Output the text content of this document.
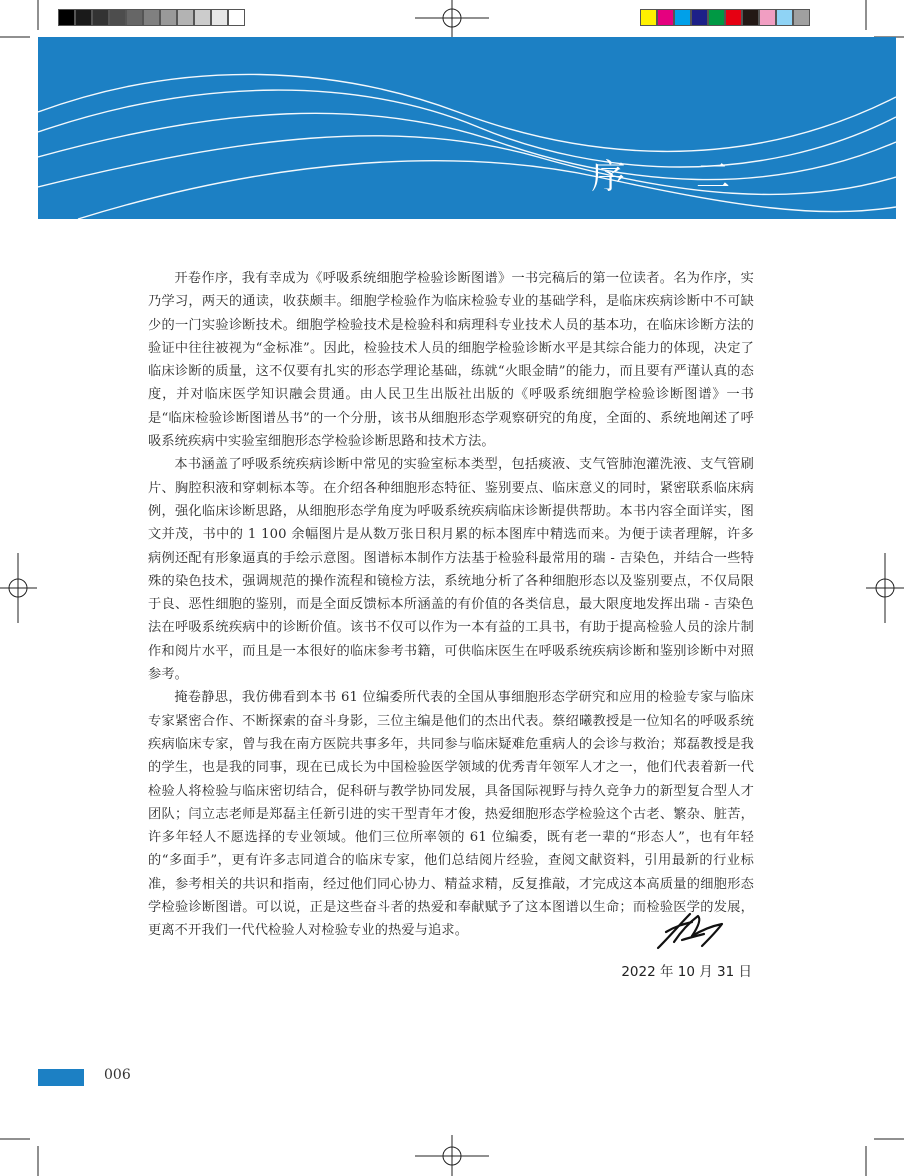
序 二

开卷作序，我有幸成为《呼吸系统细胞学检验诊断图谱》一书完稿后的第一位读者。名为作序，实乃学习，两天的通读，收获颇丰。细胞学检验作为临床检验专业的基础学科，是临床疾病诊断中不可缺少的一门实验诊断技术。细胞学检验技术是检验科和病理科专业技术人员的基本功，在临床诊断方法的验证中往往被视为“金标准”。因此，检验技术人员的细胞学检验诊断水平是其综合能力的体现，决定了临床诊断的质量，这不仅要有扎实的形态学理论基础，练就“火眼金睛”的能力，而且要有严谨认真的态度，并对临床医学知识融会贯通。由人民卫生出版社出版的《呼吸系统细胞学检验诊断图谱》一书是“临床检验诊断图谱丛书”的一个分册，该书从细胞形态学观察研究的角度，全面的、系统地阐述了呼吸系统疾病中实验室细胞形态学检验诊断思路和技术方法。

本书涵盖了呼吸系统疾病诊断中常见的实验室标本类型，包括痰液、支气管肺泡灌洗液、支气管刷片、胸腔积液和穿刺标本等。在介绍各种细胞形态特征、鉴别要点、临床意义的同时，紧密联系临床病例，强化临床诊断思路，从细胞形态学角度为呼吸系统疾病临床诊断提供帮助。本书内容全面详实，图文并茂，书中的 1 100 余幅图片是从数万张日积月累的标本图库中精选而来。为便于读者理解，许多病例还配有形象逼真的手绘示意图。图谱标本制作方法基于检验科最常用的瑞 - 吉染色，并结合一些特殊的染色技术，强调规范的操作流程和镜检方法，系统地分析了各种细胞形态以及鉴别要点，不仅局限于良、恶性细胞的鉴别，而是全面反馈标本所涵盖的有价值的各类信息，最大限度地发挥出瑞 - 吉染色法在呼吸系统疾病中的诊断价值。该书不仅可以作为一本有益的工具书，有助于提高检验人员的涂片制作和阅片水平，而且是一本很好的临床参考书籍，可供临床医生在呼吸系统疾病诊断和鉴别诊断中对照参考。

掩卷静思，我仿佛看到本书 61 位编委所代表的全国从事细胞形态学研究和应用的检验专家与临床专家紧密合作、不断探索的奋斗身影，三位主编是他们的杰出代表。蔡绍曦教授是一位知名的呼吸系统疾病临床专家，曾与我在南方医院共事多年，共同参与临床疑难危重病人的会诊与救治；郑磊教授是我的学生，也是我的同事，现在已成长为中国检验医学领域的优秀青年领军人才之一，他们代表着新一代检验人将检验与临床密切结合，促科研与教学协同发展，具备国际视野与持久竞争力的新型复合型人才团队；闫立志老师是郑磊主任新引进的实干型青年才俊，热爱细胞形态学检验这个古老、繁杂、脏苦，许多年轻人不愿选择的专业领域。他们三位所率领的 61 位编委，既有老一辈的“形态人”，也有年轻的“多面手”，更有许多志同道合的临床专家，他们总结阅片经验，查阅文献资料，引用最新的行业标准，参考相关的共识和指南，经过他们同心协力、精益求精，反复推敲，才完成这本高质量的细胞形态学检验诊断图谱。可以说，正是这些奋斗者的热爱和奉献赋予了这本图谱以生命；而检验医学的发展，更离不开我们一代代检验人对检验专业的热爱与追求。

2022 年 10 月 31 日
006
